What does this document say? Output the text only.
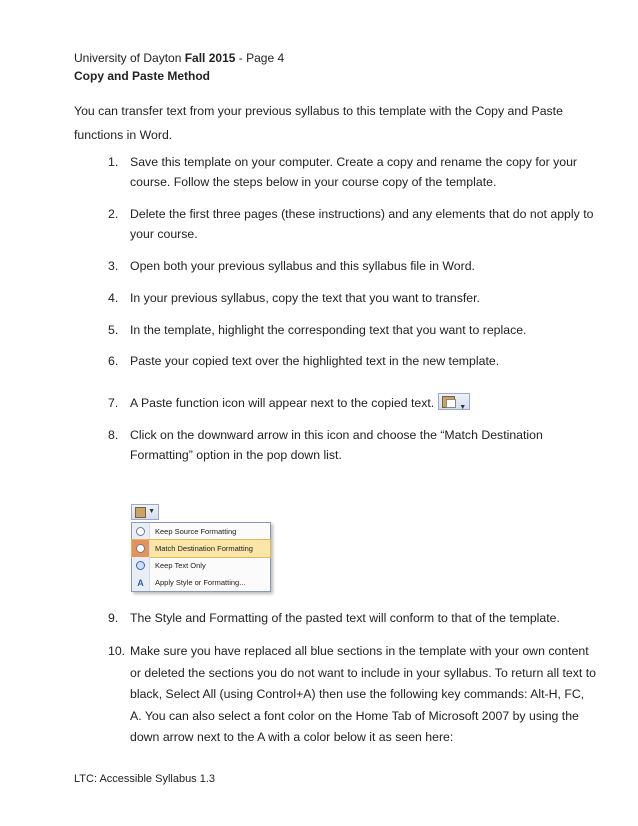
University of Dayton Fall 2015 - Page 4
Copy and Paste Method
You can transfer text from your previous syllabus to this template with the Copy and Paste functions in Word.
1. Save this template on your computer. Create a copy and rename the copy for your course. Follow the steps below in your course copy of the template.
2. Delete the first three pages (these instructions) and any elements that do not apply to your course.
3. Open both your previous syllabus and this syllabus file in Word.
4. In your previous syllabus, copy the text that you want to transfer.
5. In the template, highlight the corresponding text that you want to replace.
6. Paste your copied text over the highlighted text in the new template.
7. A Paste function icon will appear next to the copied text.	▼
8. Click on the downward arrow in this icon and choose the “Match Destination Formatting” option in the pop down list.
▼
Keep Source Formatting
Match Destination Formatting
Keep Text Only
A	Apply Style or Formatting...
9. The Style and Formatting of the pasted text will conform to that of the template.
10. Make sure you have replaced all blue sections in the template with your own content or deleted the sections you do not want to include in your syllabus. To return all text to black, Select All (using Control+A) then use the following key commands: Alt-H, FC, A. You can also select a font color on the Home Tab of Microsoft 2007 by using the down arrow next to the A with a color below it as seen here:
LTC: Accessible Syllabus 1.3
